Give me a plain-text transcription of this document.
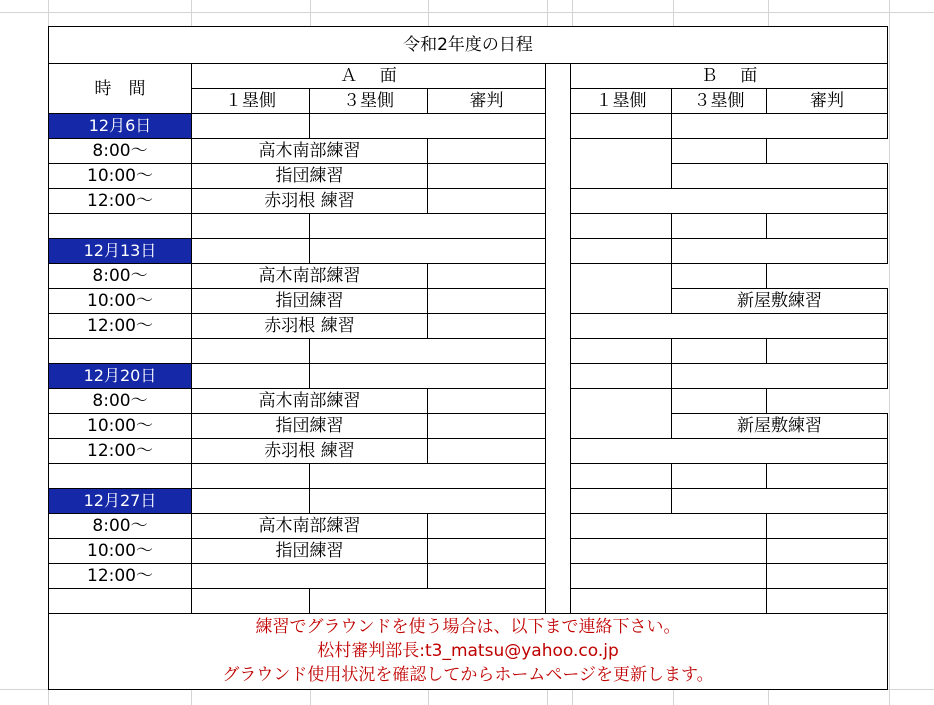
令和2年度の日程							
時　間	Ａ　 面				Ｂ　 面		
	１塁側	３塁側	審判		１塁側	３塁側	審判
12月6日							
8:00～	高木南部練習						
10:00～	指団練習						
12:00～	赤羽根 練習						

12月13日							
8:00～	高木南部練習						
10:00～	指団練習					新屋敷練習	
12:00～	赤羽根 練習						

12月20日							
8:00～	高木南部練習						
10:00～	指団練習					新屋敷練習	
12:00～	赤羽根 練習						

12月27日							
8:00～	高木南部練習						
10:00～	指団練習						
12:00～							

練習でグラウンドを使う場合は、以下まで連絡下さい。
松村審判部長:t3_matsu@yahoo.co.jp
グラウンド使用状況を確認してからホームページを更新します。							
